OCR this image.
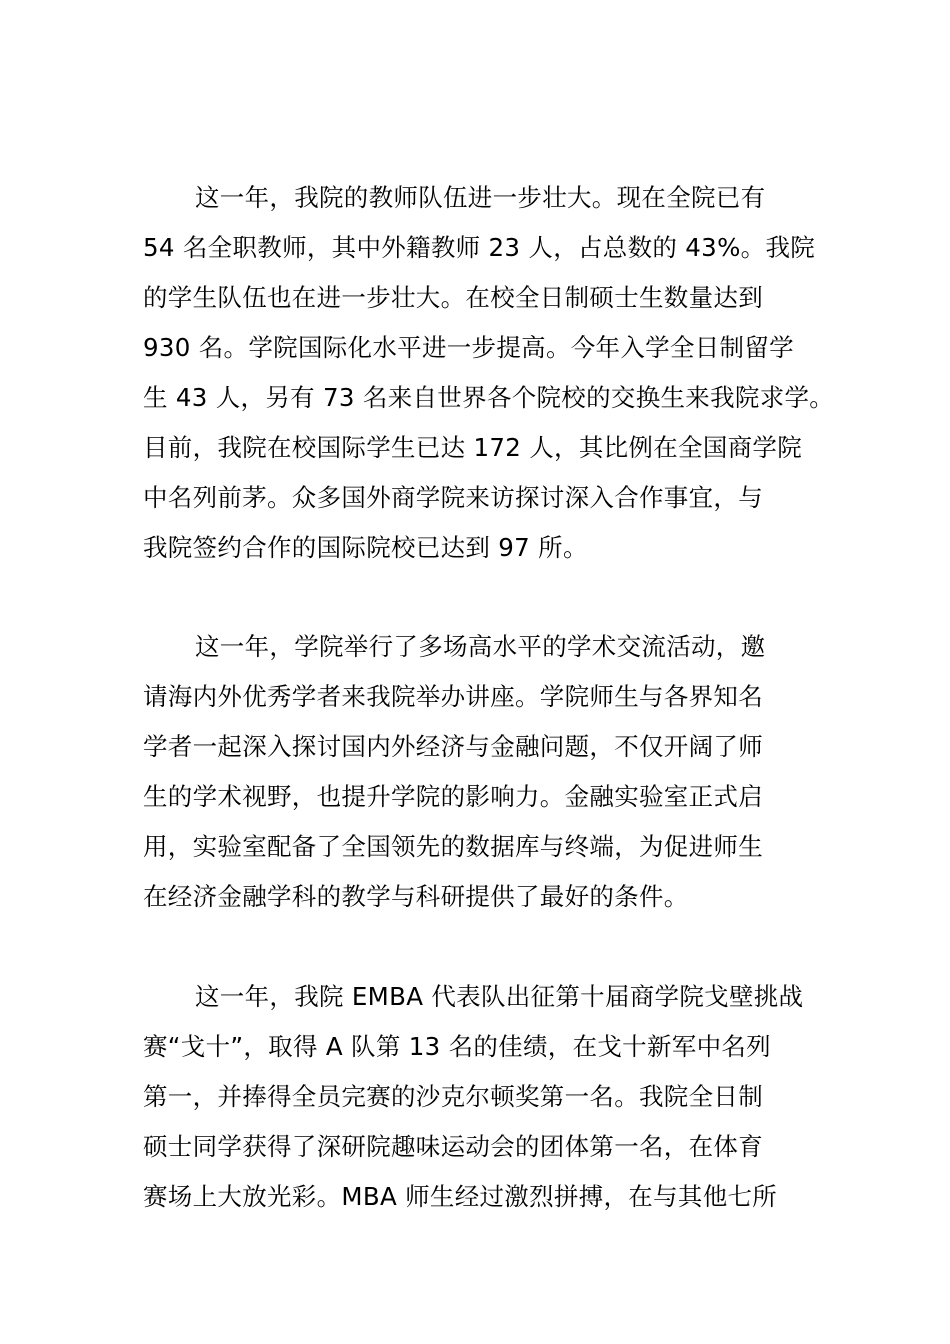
这一年，我院的教师队伍进一步壮大。现在全院已有
54 名全职教师，其中外籍教师 23 人，占总数的 43%。我院
的学生队伍也在进一步壮大。在校全日制硕士生数量达到
930 名。学院国际化水平进一步提高。今年入学全日制留学
生 43 人，另有 73 名来自世界各个院校的交换生来我院求学。
目前，我院在校国际学生已达 172 人，其比例在全国商学院
中名列前茅。众多国外商学院来访探讨深入合作事宜，与
我院签约合作的国际院校已达到 97 所。
这一年，学院举行了多场高水平的学术交流活动，邀
请海内外优秀学者来我院举办讲座。学院师生与各界知名
学者一起深入探讨国内外经济与金融问题，不仅开阔了师
生的学术视野，也提升学院的影响力。金融实验室正式启
用，实验室配备了全国领先的数据库与终端，为促进师生
在经济金融学科的教学与科研提供了最好的条件。
这一年，我院 EMBA 代表队出征第十届商学院戈壁挑战
赛“戈十”，取得 A 队第 13 名的佳绩，在戈十新军中名列
第一，并捧得全员完赛的沙克尔顿奖第一名。我院全日制
硕士同学获得了深研院趣味运动会的团体第一名，在体育
赛场上大放光彩。MBA 师生经过激烈拼搏，在与其他七所
